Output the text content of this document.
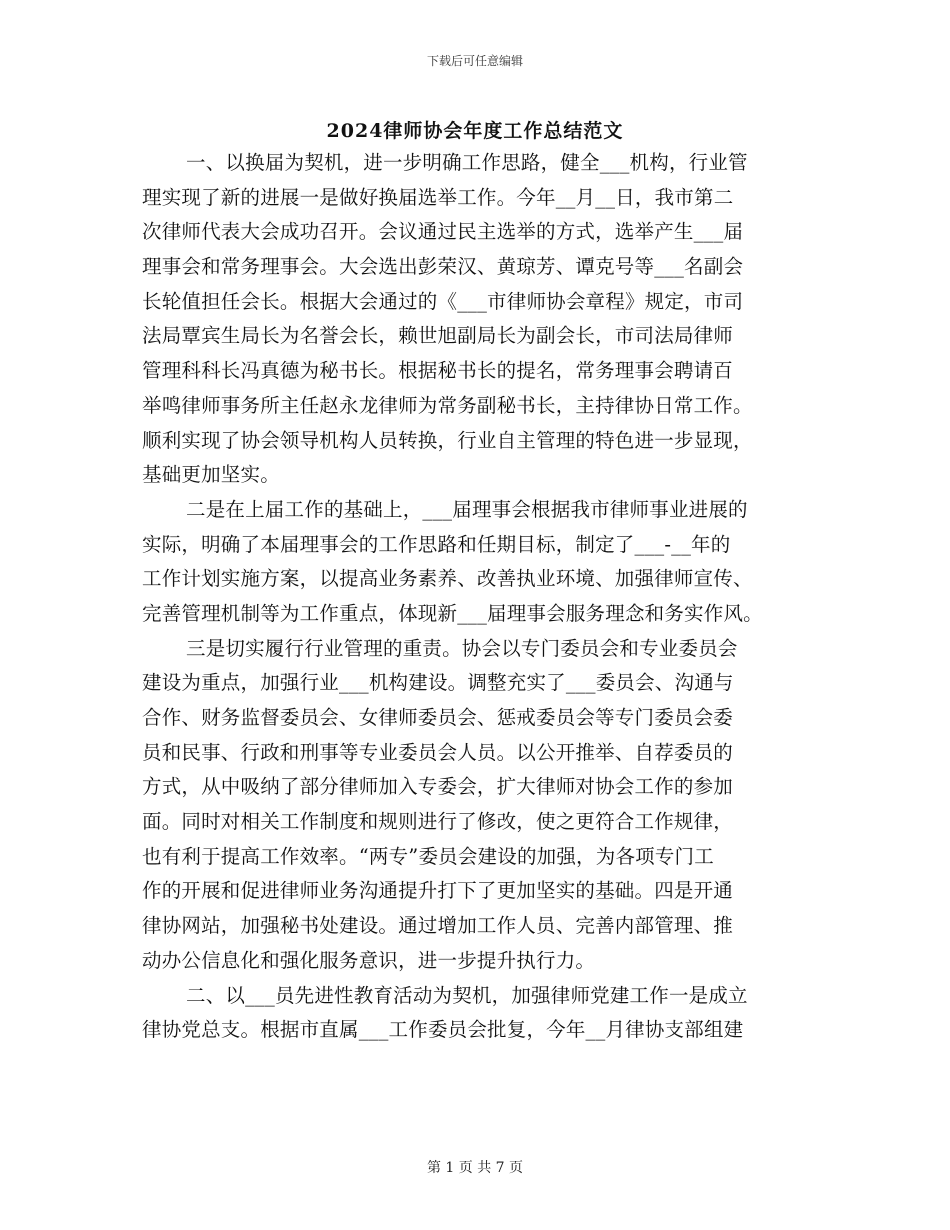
下载后可任意编辑
2024律师协会年度工作总结范文
一、以换届为契机，进一步明确工作思路，健全___机构，行业管
理实现了新的进展一是做好换届选举工作。今年__月__日，我市第二
次律师代表大会成功召开。会议通过民主选举的方式，选举产生___届
理事会和常务理事会。大会选出彭荣汉、黄琼芳、谭克号等___名副会
长轮值担任会长。根据大会通过的《___市律师协会章程》规定，市司
法局覃宾生局长为名誉会长，赖世旭副局长为副会长，市司法局律师
管理科科长冯真德为秘书长。根据秘书长的提名，常务理事会聘请百
举鸣律师事务所主任赵永龙律师为常务副秘书长，主持律协日常工作。
顺利实现了协会领导机构人员转换，行业自主管理的特色进一步显现，
基础更加坚实。
二是在上届工作的基础上，___届理事会根据我市律师事业进展的
实际，明确了本届理事会的工作思路和任期目标，制定了___-__年的
工作计划实施方案，以提高业务素养、改善执业环境、加强律师宣传、
完善管理机制等为工作重点，体现新___届理事会服务理念和务实作风。
三是切实履行行业管理的重责。协会以专门委员会和专业委员会
建设为重点，加强行业___机构建设。调整充实了___委员会、沟通与
合作、财务监督委员会、女律师委员会、惩戒委员会等专门委员会委
员和民事、行政和刑事等专业委员会人员。以公开推举、自荐委员的
方式，从中吸纳了部分律师加入专委会，扩大律师对协会工作的参加
面。同时对相关工作制度和规则进行了修改，使之更符合工作规律，
也有利于提高工作效率。“两专”委员会建设的加强，为各项专门工
作的开展和促进律师业务沟通提升打下了更加坚实的基础。四是开通
律协网站，加强秘书处建设。通过增加工作人员、完善内部管理、推
动办公信息化和强化服务意识，进一步提升执行力。
二、以___员先进性教育活动为契机，加强律师党建工作一是成立
律协党总支。根据市直属___工作委员会批复，今年__月律协支部组建
第 1 页 共 7 页
